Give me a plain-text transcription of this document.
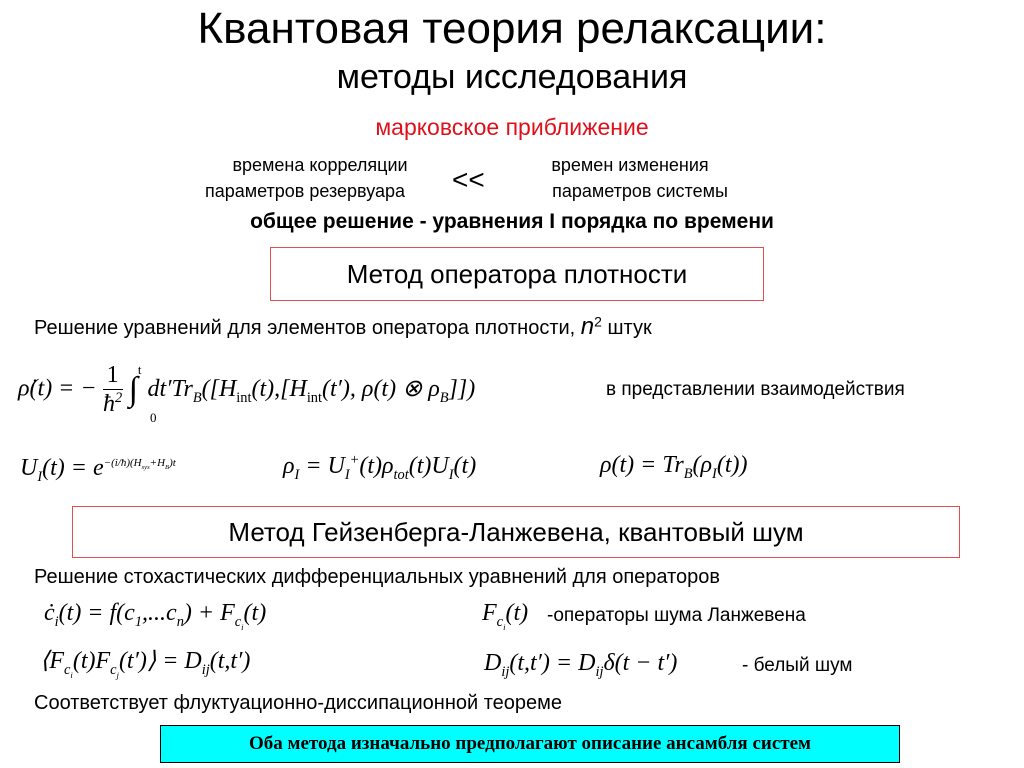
Квантовая теория релаксации:
методы исследования
марковское приближение
времена корреляции
параметров резервуара	<<	времен изменения
параметров системы
общее решение - уравнения I порядка по времени
Метод оператора плотности
Решение уравнений для элементов оператора плотности, $n^2$ штук
ρ̇(t) = − $\frac{1}{ħ^2} \int^t$ $dt'Tr_B([H_{int}(t),[H_{int}(t')$, ρ(t) ⊗ $\rho_B$]])
0
в представлении взаимодействия
$U_I(t) = e^{-(i/ħ)(H_{sys}+H_B)t}$	$\rho_I = U_I^+(t)\rho_{tot}(t)U_I(t)$	$\rho(t) = Tr_B(\rho_I(t))$
Метод Гейзенберга-Ланжевена, квантовый шум
Решение стохастических дифференциальных уравнений для операторов
$ċ_i(t) = f(c_1,...c_n) + F_{c_i}(t)$	$F_{c_i}(t)$ -операторы шума Ланжевена
$⟨F_{c_i}(t)F_{c_j}(t')⟩ = D_{ij}(t,t')$	$D_{ij}(t,t') = D_{ij}\delta(t - t')$	- белый шум
Соответствует флуктуационно-диссипационной теореме
Оба метода изначально предполагают описание ансамбля систем
